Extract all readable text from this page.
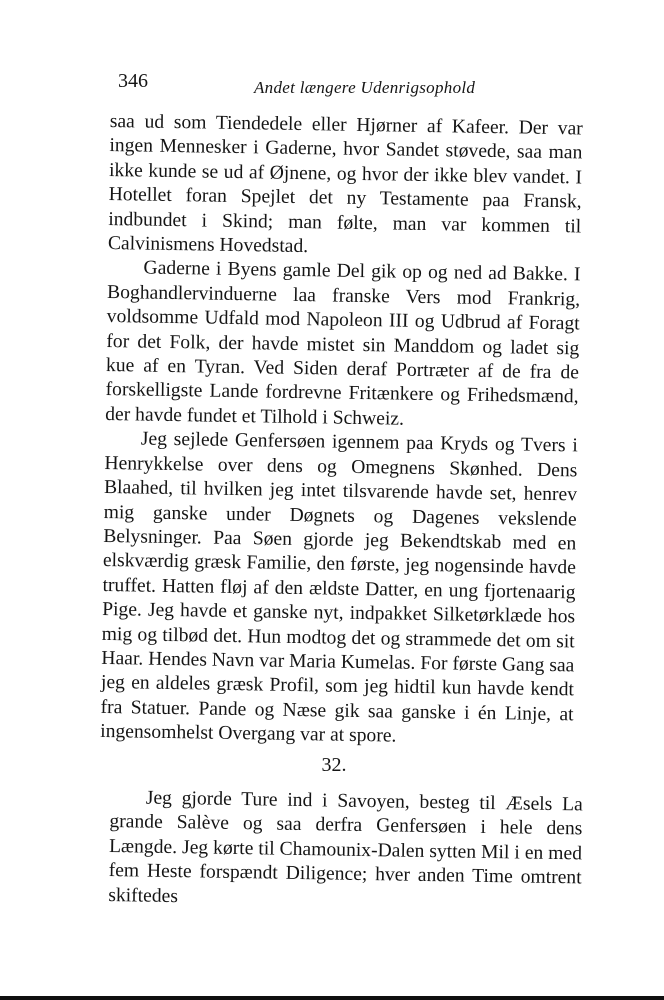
346	Andet længere Udenrigsophold

saa ud som Tiendedele eller Hjørner af Kafeer. Der var ingen Mennesker i Gaderne, hvor Sandet støvede, saa man ikke kunde se ud af Øjnene, og hvor der ikke blev vandet. I Hotellet foran Spejlet det ny Testamente paa Fransk, indbundet i Skind; man følte, man var kommen til Calvinismens Hovedstad.

Gaderne i Byens gamle Del gik op og ned ad Bakke. I Boghandlervinduerne laa franske Vers mod Frankrig, voldsomme Udfald mod Napoleon III og Udbrud af Foragt for det Folk, der havde mistet sin Manddom og ladet sig kue af en Tyran. Ved Siden deraf Portræter af de fra de forskelligste Lande fordrevne Fritænkere og Frihedsmænd, der havde fundet et Tilhold i Schweiz.

Jeg sejlede Genfersøen igennem paa Kryds og Tvers i Henrykkelse over dens og Omegnens Skønhed. Dens Blaahed, til hvilken jeg intet tilsvarende havde set, henrev mig ganske under Døgnets og Dagenes vekslende Belysninger. Paa Søen gjorde jeg Bekendtskab med en elskværdig græsk Familie, den første, jeg nogensinde havde truffet. Hatten fløj af den ældste Datter, en ung fjortenaarig Pige. Jeg havde et ganske nyt, indpakket Silketørklæde hos mig og tilbød det. Hun modtog det og strammede det om sit Haar. Hendes Navn var Maria Kumelas. For første Gang saa jeg en aldeles græsk Profil, som jeg hidtil kun havde kendt fra Statuer. Pande og Næse gik saa ganske i én Linje, at ingensomhelst Overgang var at spore.

32.

Jeg gjorde Ture ind i Savoyen, besteg til Æsels La grande Salève og saa derfra Genfersøen i hele dens Længde. Jeg kørte til Chamounix-Dalen sytten Mil i en med fem Heste forspændt Diligence; hver anden Time omtrent skiftedes
